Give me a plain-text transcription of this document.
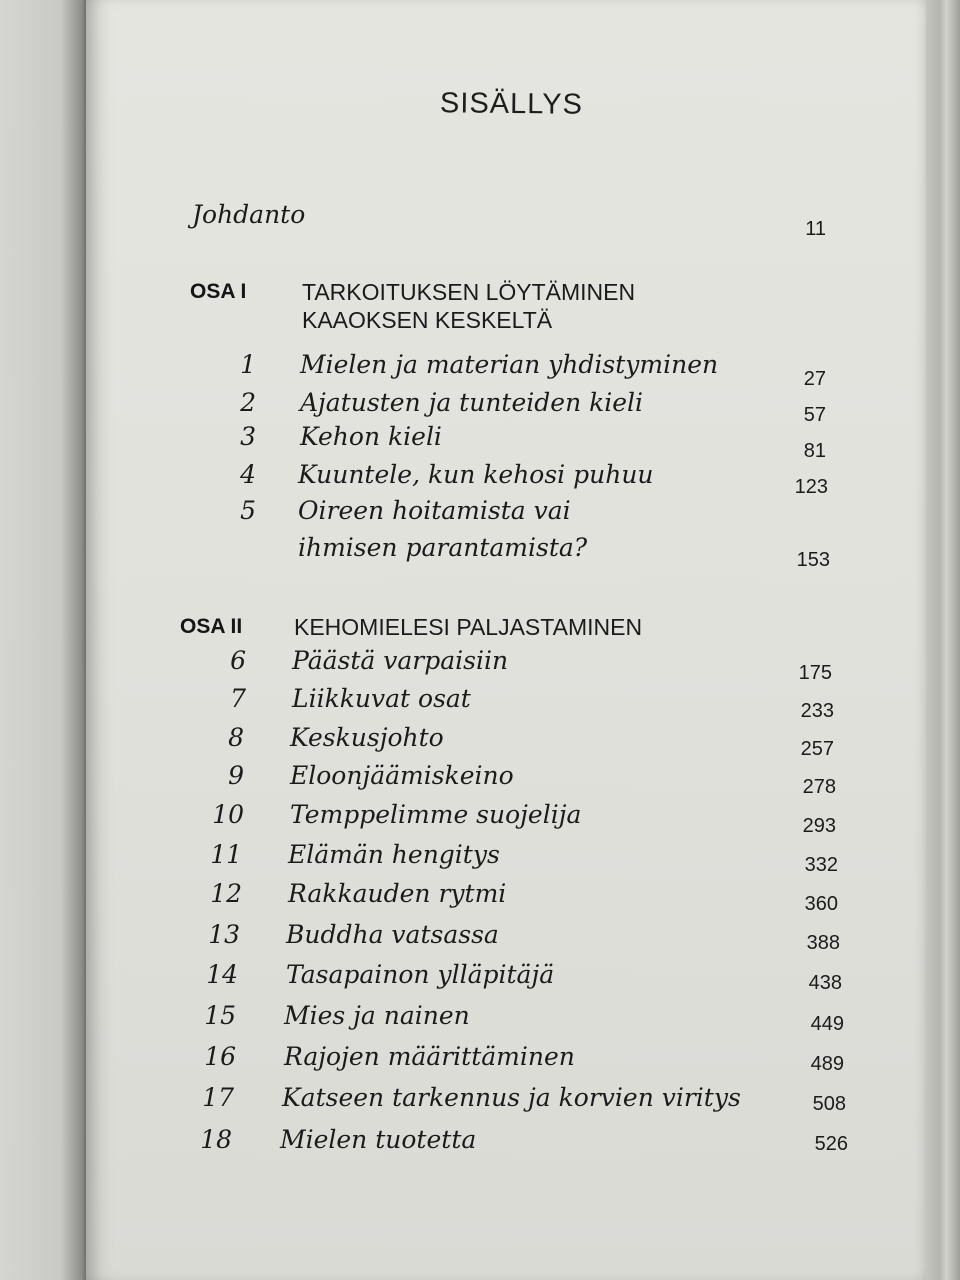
SISÄLLYS
Johdanto	11
OSA I TARKOITUKSEN LÖYTÄMINEN
KAAOKSEN KESKELTÄ
1 Mielen ja materian yhdistyminen	27
2 Ajatusten ja tunteiden kieli	57
3 Kehon kieli	81
4 Kuuntele, kun kehosi puhuu	123
5 Oireen hoitamista vai
ihmisen parantamista?	153
OSA II KEHOMIELESI PALJASTAMINEN
6 Päästä varpaisiin	175
7 Liikkuvat osat	233
8 Keskusjohto	257
9 Eloonjäämiskeino	278
10 Temppelimme suojelija	293
11 Elämän hengitys	332
12 Rakkauden rytmi	360
13 Buddha vatsassa	388
14 Tasapainon ylläpitäjä	438
15 Mies ja nainen	449
16 Rajojen määrittäminen	489
17 Katseen tarkennus ja korvien viritys	508
18 Mielen tuotetta	526
